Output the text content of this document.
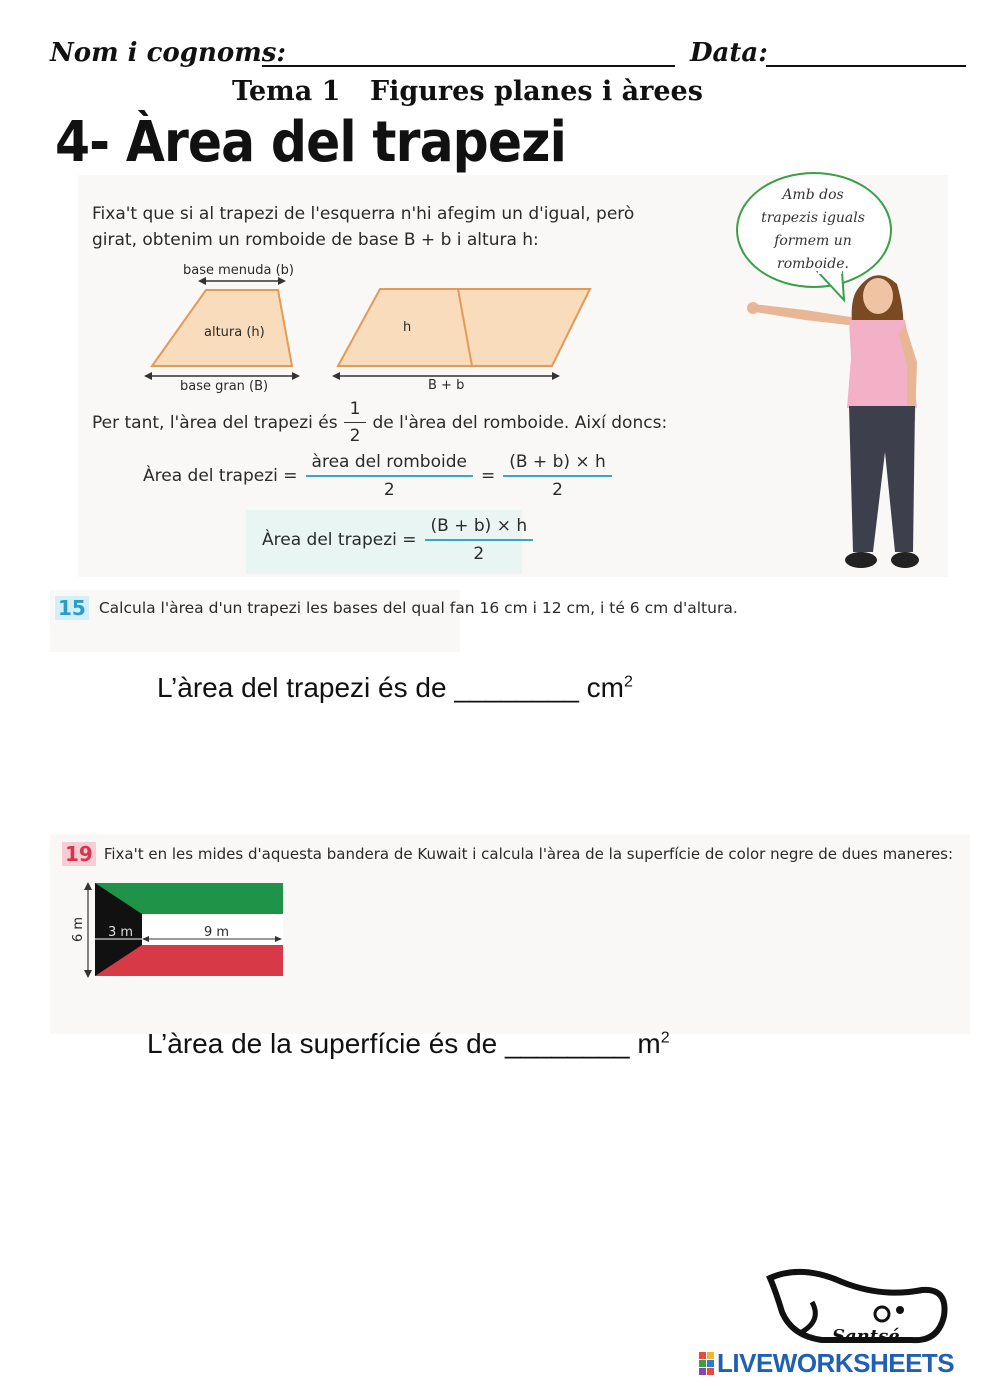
Nom i cognoms:	Data:
Tema 1 Figures planes i àrees
4- Àrea del trapezi
Fixa't que si al trapezi de l'esquerra n'hi afegim un d'igual, però
girat, obtenim un romboide de base B + b i altura h:
base menuda (b)
altura (h)
base gran (B)
h
B + b
Per tant, l'àrea del trapezi és $\frac{1}{2}$ de l'àrea del romboide. Així doncs:
Àrea del trapezi = $\frac{\text{àrea del romboide}}{2} = \frac{(B + b) \times h}{2}$
Àrea del trapezi = $\frac{(B + b) \times h}{2}$
Amb dos
trapezis iguals
formem un
romboide.
15 Calcula l'àrea d'un trapezi les bases del qual fan 16 cm i 12 cm, i té 6 cm d'altura.
L’àrea del trapezi és de ________ $cm^2$
19 Fixa't en les mides d'aquesta bandera de Kuwait i calcula l'àrea de la superfície de color negre de dues maneres:
6 m 3 m	9 m
L’àrea de la superfície és de ________ $m^2$
Santsé
LIVEWORKSHEETS
